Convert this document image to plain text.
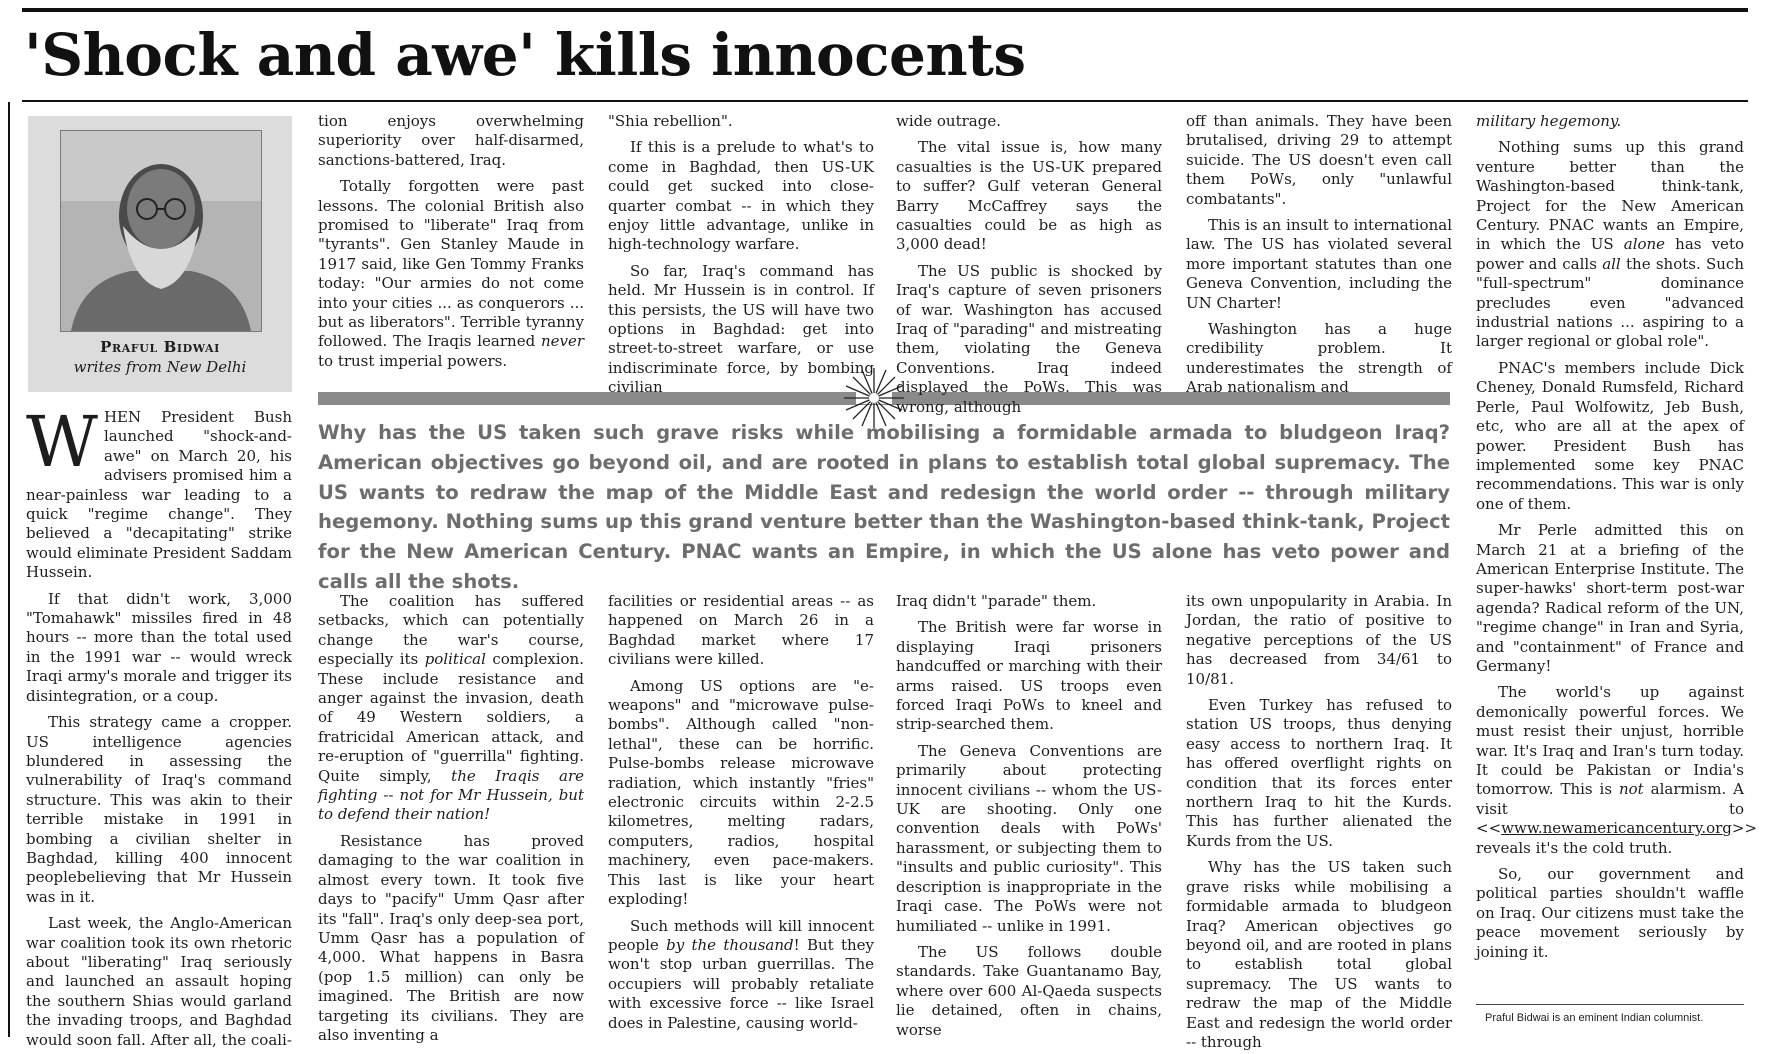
'Shock and awe' kills innocents
Praful Bidwai
writes from New Delhi
Why has the US taken such grave risks while mobilising a formidable armada to bludgeon Iraq? American objectives go beyond oil, and are rooted in plans to establish total global supremacy. The US wants to redraw the map of the Middle East and redesign the world order -- through military hegemony. Nothing sums up this grand venture better than the Washington-based think-tank, Project for the New American Century. PNAC wants an Empire, in which the US alone has veto power and calls all the shots.

WHEN President Bush launched "shock-and-awe" on March 20, his advisers promised him a near-painless war leading to a quick "regime change". They believed a "decapitating" strike would eliminate President Saddam Hussein.

If that didn't work, 3,000 "Tomahawk" missiles fired in 48 hours -- more than the total used in the 1991 war -- would wreck Iraqi army's morale and trigger its disintegration, or a coup.

This strategy came a cropper. US intelligence agencies blundered in assessing the vulnerability of Iraq's command structure. This was akin to their terrible mistake in 1991 in bombing a civilian shelter in Baghdad, killing 400 innocent peoplebelieving that Mr Hussein was in it.

Last week, the Anglo-American war coalition took its own rhetoric about "liberating" Iraq seriously and launched an assault hoping the southern Shias would garland the invading troops, and Baghdad would soon fall. After all, the coali-

tion enjoys overwhelming superiority over half-disarmed, sanctions-battered, Iraq.

Totally forgotten were past lessons. The colonial British also promised to "liberate" Iraq from "tyrants". Gen Stanley Maude in 1917 said, like Gen Tommy Franks today: "Our armies do not come into your cities ... as conquerors ... but as liberators". Terrible tyranny followed. The Iraqis learned never to trust imperial powers.

"Shia rebellion".

If this is a prelude to what's to come in Baghdad, then US-UK could get sucked into close-quarter combat -- in which they enjoy little advantage, unlike in high-technology warfare.

So far, Iraq's command has held. Mr Hussein is in control. If this persists, the US will have two options in Baghdad: get into street-to-street warfare, or use indiscriminate force, by bombing civilian

wide outrage.

The vital issue is, how many casualties is the US-UK prepared to suffer? Gulf veteran General Barry McCaffrey says the casualties could be as high as 3,000 dead!

The US public is shocked by Iraq's capture of seven prisoners of war. Washington has accused Iraq of "parading" and mistreating them, violating the Geneva Conventions. Iraq indeed displayed the PoWs. This was wrong, although

off than animals. They have been brutalised, driving 29 to attempt suicide. The US doesn't even call them PoWs, only "unlawful combatants".

This is an insult to international law. The US has violated several more important statutes than one Geneva Convention, including the UN Charter!

Washington has a huge credibility problem. It underestimates the strength of Arab nationalism and

The coalition has suffered setbacks, which can potentially change the war's course, especially its political complexion. These include resistance and anger against the invasion, death of 49 Western soldiers, a fratricidal American attack, and re-eruption of "guerrilla" fighting. Quite simply, the Iraqis are fighting -- not for Mr Hussein, but to defend their nation!

Resistance has proved damaging to the war coalition in almost every town. It took five days to "pacify" Umm Qasr after its "fall". Iraq's only deep-sea port, Umm Qasr has a population of 4,000. What happens in Basra (pop 1.5 million) can only be imagined. The British are now targeting its civilians. They are also inventing a

facilities or residential areas -- as happened on March 26 in a Baghdad market where 17 civilians were killed.

Among US options are "e-weapons" and "microwave pulse-bombs". Although called "non-lethal", these can be horrific. Pulse-bombs release microwave radiation, which instantly "fries" electronic circuits within 2-2.5 kilometres, melting radars, computers, radios, hospital machinery, even pace-makers. This last is like your heart exploding!

Such methods will kill innocent people by the thousand! But they won't stop urban guerrillas. The occupiers will probably retaliate with excessive force -- like Israel does in Palestine, causing world-

Iraq didn't "parade" them.

The British were far worse in displaying Iraqi prisoners handcuffed or marching with their arms raised. US troops even forced Iraqi PoWs to kneel and strip-searched them.

The Geneva Conventions are primarily about protecting innocent civilians -- whom the US-UK are shooting. Only one convention deals with PoWs' harassment, or subjecting them to "insults and public curiosity". This description is inappropriate in the Iraqi case. The PoWs were not humiliated -- unlike in 1991.

The US follows double standards. Take Guantanamo Bay, where over 600 Al-Qaeda suspects lie detained, often in chains, worse

its own unpopularity in Arabia. In Jordan, the ratio of positive to negative perceptions of the US has decreased from 34/61 to 10/81.

Even Turkey has refused to station US troops, thus denying easy access to northern Iraq. It has offered overflight rights on condition that its forces enter northern Iraq to hit the Kurds. This has further alienated the Kurds from the US.

Why has the US taken such grave risks while mobilising a formidable armada to bludgeon Iraq? American objectives go beyond oil, and are rooted in plans to establish total global supremacy. The US wants to redraw the map of the Middle East and redesign the world order -- through

military hegemony.

Nothing sums up this grand venture better than the Washington-based think-tank, Project for the New American Century. PNAC wants an Empire, in which the US alone has veto power and calls all the shots. Such "full-spectrum" dominance precludes even "advanced industrial nations ... aspiring to a larger regional or global role".

PNAC's members include Dick Cheney, Donald Rumsfeld, Richard Perle, Paul Wolfowitz, Jeb Bush, etc, who are all at the apex of power. President Bush has implemented some key PNAC recommendations. This war is only one of them.

Mr Perle admitted this on March 21 at a briefing of the American Enterprise Institute. The super-hawks' short-term post-war agenda? Radical reform of the UN, "regime change" in Iran and Syria, and "containment" of France and Germany!

The world's up against demonically powerful forces. We must resist their unjust, horrible war. It's Iraq and Iran's turn today. It could be Pakistan or India's tomorrow. This is not alarmism. A visit to <<www.newamericancentury.org>> reveals it's the cold truth.

So, our government and political parties shouldn't waffle on Iraq. Our citizens must take the peace movement seriously by joining it.

Praful Bidwai is an eminent Indian columnist.
